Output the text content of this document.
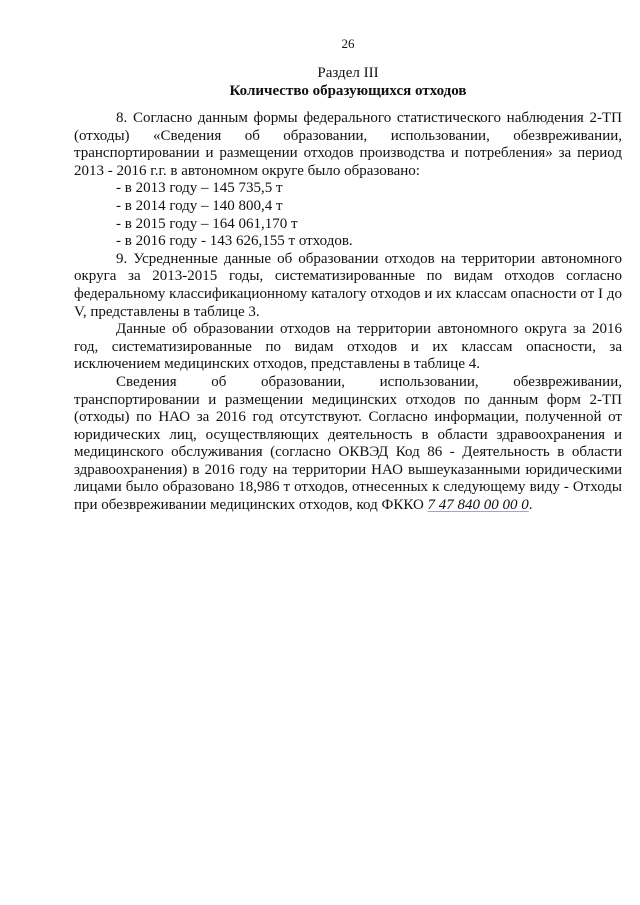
26
Раздел III
Количество образующихся отходов

8. Согласно данным формы федерального статистического наблюдения 2-ТП (отходы) «Сведения об образовании, использовании, обезвреживании, транспортировании и размещении отходов производства и потребления» за период 2013 - 2016 г.г. в автономном округе было образовано:

- в 2013 году – 145 735,5 т

- в 2014 году – 140 800,4 т

- в 2015 году – 164 061,170 т

- в 2016 году - 143 626,155 т отходов.

9. Усредненные данные об образовании отходов на территории автономного округа за 2013-2015 годы, систематизированные по видам отходов согласно федеральному классификационному каталогу отходов и их классам опасности от I до V, представлены в таблице 3.

Данные об образовании отходов на территории автономного округа за 2016 год, систематизированные по видам отходов и их классам опасности, за исключением медицинских отходов, представлены в таблице 4.

Сведения об образовании, использовании, обезвреживании, транспортировании и размещении медицинских отходов по данным форм 2-ТП (отходы) по НАО за 2016 год отсутствуют. Согласно информации, полученной от юридических лиц, осуществляющих деятельность в области здравоохранения и медицинского обслуживания (согласно ОКВЭД Код 86 - Деятельность в области здравоохранения) в 2016 году на территории НАО вышеуказанными юридическими лицами было образовано 18,986 т отходов, отнесенных к следующему виду - Отходы при обезвреживании медицинских отходов, код ФККО 7 47 840 00 00 0.
